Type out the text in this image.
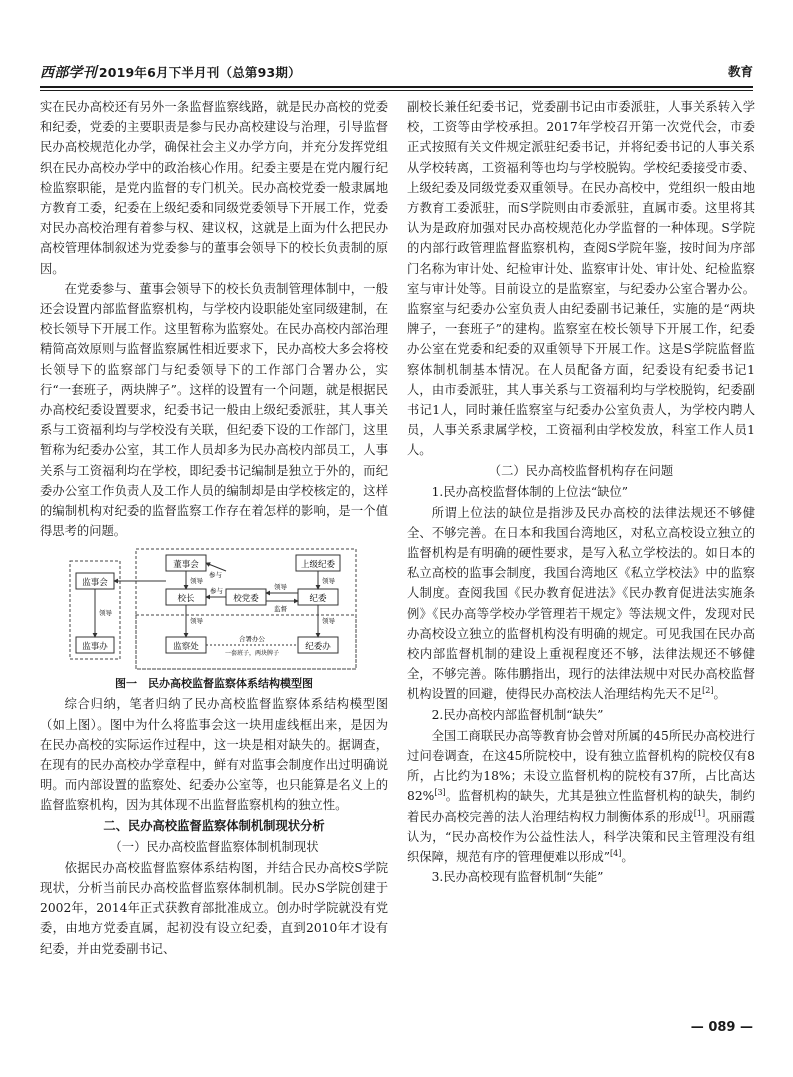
西部学刊 2019年6月下半月刊（总第93期）	教育

实在民办高校还有另外一条监督监察线路，就是民办高校的党委和纪委，党委的主要职责是参与民办高校建设与治理，引导监督民办高校规范化办学，确保社会主义办学方向，并充分发挥党组织在民办高校办学中的政治核心作用。纪委主要是在党内履行纪检监察职能，是党内监督的专门机关。民办高校党委一般隶属地方教育工委，纪委在上级纪委和同级党委领导下开展工作，党委对民办高校治理有着参与权、建议权，这就是上面为什么把民办高校管理体制叙述为党委参与的董事会领导下的校长负责制的原因。

在党委参与、董事会领导下的校长负责制管理体制中，一般还会设置内部监督监察机构，与学校内设职能处室同级建制，在校长领导下开展工作。这里暂称为监察处。在民办高校内部治理精简高效原则与监督监察属性相近要求下，民办高校大多会将校长领导下的监察部门与纪委领导下的工作部门合署办公，实行“一套班子，两块牌子”。这样的设置有一个问题，就是根据民办高校纪委设置要求，纪委书记一般由上级纪委派驻，其人事关系与工资福利均与学校没有关联，但纪委下设的工作部门，这里暂称为纪委办公室，其工作人员却多为民办高校内部员工，人事关系与工资福利均在学校，即纪委书记编制是独立于外的，而纪委办公室工作负责人及工作人员的编制却是由学校核定的，这样的编制机构对纪委的监督监察工作存在着怎样的影响，是一个值得思考的问题。

监事会
监事办
董事会
校长	校党委
上级纪委
纪委
监察处	纪委办
领导
领导
领导
参与
参与
领导
领导
监督
领导
合署办公
一套班子，两块牌子
图一　民办高校监督监察体系结构模型图

综合归纳，笔者归纳了民办高校监督监察体系结构模型图（如上图）。图中为什么将监事会这一块用虚线框出来，是因为在民办高校的实际运作过程中，这一块是相对缺失的。据调查，在现有的民办高校办学章程中，鲜有对监事会制度作出过明确说明。而内部设置的监察处、纪委办公室等，也只能算是名义上的监督监察机构，因为其体现不出监督监察机构的独立性。

二、民办高校监督监察体制机制现状分析
（一）民办高校监督监察体制机制现状

依据民办高校监督监察体系结构图，并结合民办高校S学院现状，分析当前民办高校监督监察体制机制。民办S学院创建于2002年，2014年正式获教育部批准成立。创办时学院就没有党委，由地方党委直属，起初没有设立纪委，直到2010年才设有纪委，并由党委副书记、

副校长兼任纪委书记，党委副书记由市委派驻，人事关系转入学校，工资等由学校承担。2017年学校召开第一次党代会，市委正式按照有关文件规定派驻纪委书记，并将纪委书记的人事关系从学校转离，工资福利等也均与学校脱钩。学校纪委接受市委、上级纪委及同级党委双重领导。在民办高校中，党组织一般由地方教育工委派驻，而S学院则由市委派驻，直属市委。这里将其认为是政府加强对民办高校规范化办学监督的一种体现。S学院的内部行政管理监督监察机构，查阅S学院年鉴，按时间为序部门名称为审计处、纪检审计处、监察审计处、审计处、纪检监察室与审计处等。目前设立的是监察室，与纪委办公室合署办公。监察室与纪委办公室负责人由纪委副书记兼任，实施的是“两块牌子，一套班子”的建构。监察室在校长领导下开展工作，纪委办公室在党委和纪委的双重领导下开展工作。这是S学院监督监察体制机制基本情况。在人员配备方面，纪委设有纪委书记1人，由市委派驻，其人事关系与工资福利均与学校脱钩，纪委副书记1人，同时兼任监察室与纪委办公室负责人，为学校内聘人员，人事关系隶属学校，工资福利由学校发放，科室工作人员1人。

（二）民办高校监督机构存在问题
1.民办高校监督体制的上位法“缺位”

所谓上位法的缺位是指涉及民办高校的法律法规还不够健全、不够完善。在日本和我国台湾地区，对私立高校设立独立的监督机构是有明确的硬性要求，是写入私立学校法的。如日本的私立高校的监事会制度，我国台湾地区《私立学校法》中的监察人制度。查阅我国《民办教育促进法》《民办教育促进法实施条例》《民办高等学校办学管理若干规定》等法规文件，发现对民办高校设立独立的监督机构没有明确的规定。可见我国在民办高校内部监督机制的建设上重视程度还不够，法律法规还不够健全，不够完善。陈伟鹏指出，现行的法律法规中对民办高校监督机构设置的回避，使得民办高校法人治理结构先天不足[2]。

2.民办高校内部监督机制“缺失”

全国工商联民办高等教育协会曾对所属的45所民办高校进行过问卷调查，在这45所院校中，设有独立监督机构的院校仅有8所，占比约为18%；未设立监督机构的院校有37所，占比高达82%[3]。监督机构的缺失，尤其是独立性监督机构的缺失，制约着民办高校完善的法人治理结构权力制衡体系的形成[1]。巩丽霞认为，“民办高校作为公益性法人，科学决策和民主管理没有组织保障，规范有序的管理便难以形成”[4]。

3.民办高校现有监督机制“失能”
— 089 —
